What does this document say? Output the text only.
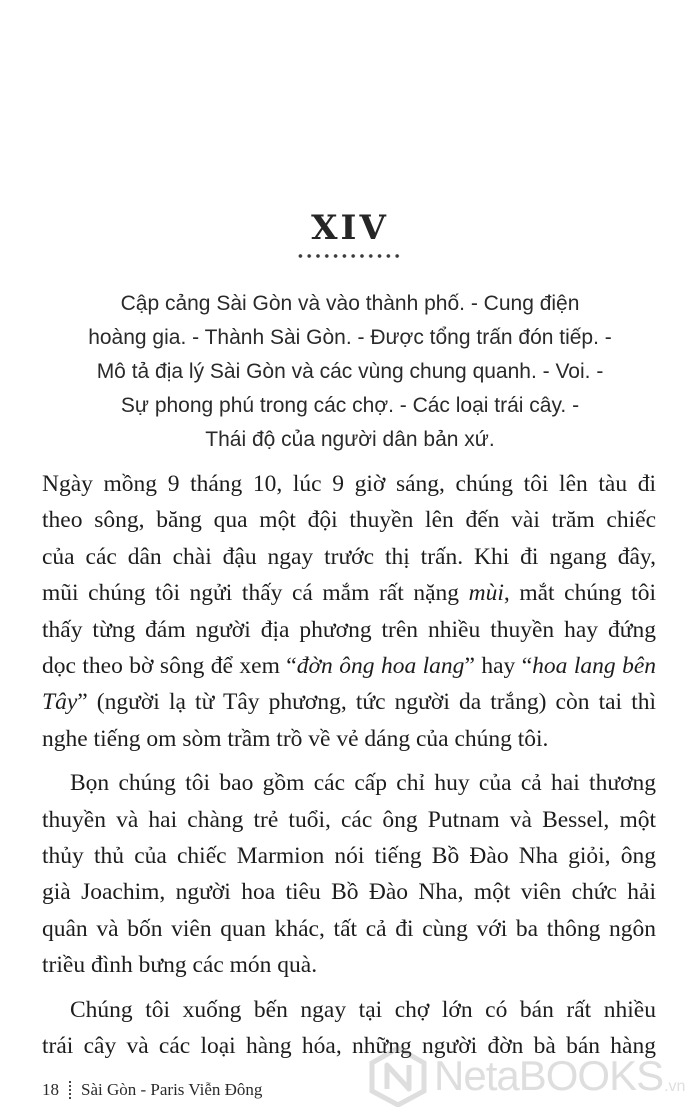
XIV
Cập cảng Sài Gòn và vào thành phố. - Cung điện
hoàng gia. - Thành Sài Gòn. - Được tổng trấn đón tiếp. -
Mô tả địa lý Sài Gòn và các vùng chung quanh. - Voi. -
Sự phong phú trong các chợ. - Các loại trái cây. -
Thái độ của người dân bản xứ.
Ngày mồng 9 tháng 10, lúc 9 giờ sáng, chúng tôi lên tàu đi
theo sông, băng qua một đội thuyền lên đến vài trăm chiếc
của các dân chài đậu ngay trước thị trấn. Khi đi ngang đây,
mũi chúng tôi ngửi thấy cá mắm rất nặng mùi, mắt chúng tôi
thấy từng đám người địa phương trên nhiều thuyền hay đứng
dọc theo bờ sông để xem “đờn ông hoa lang” hay “hoa lang bên
Tây” (người lạ từ Tây phương, tức người da trắng) còn tai thì
nghe tiếng om sòm trầm trồ về vẻ dáng của chúng tôi.
Bọn chúng tôi bao gồm các cấp chỉ huy của cả hai thương
thuyền và hai chàng trẻ tuổi, các ông Putnam và Bessel, một
thủy thủ của chiếc Marmion nói tiếng Bồ Đào Nha giỏi, ông
già Joachim, người hoa tiêu Bồ Đào Nha, một viên chức hải
quân và bốn viên quan khác, tất cả đi cùng với ba thông ngôn
triều đình bưng các món quà.
Chúng tôi xuống bến ngay tại chợ lớn có bán rất nhiều
trái cây và các loại hàng hóa, những người đờn bà bán hàng
18 Sài Gòn - Paris Viễn Đông	NetaBOOKS .vn
